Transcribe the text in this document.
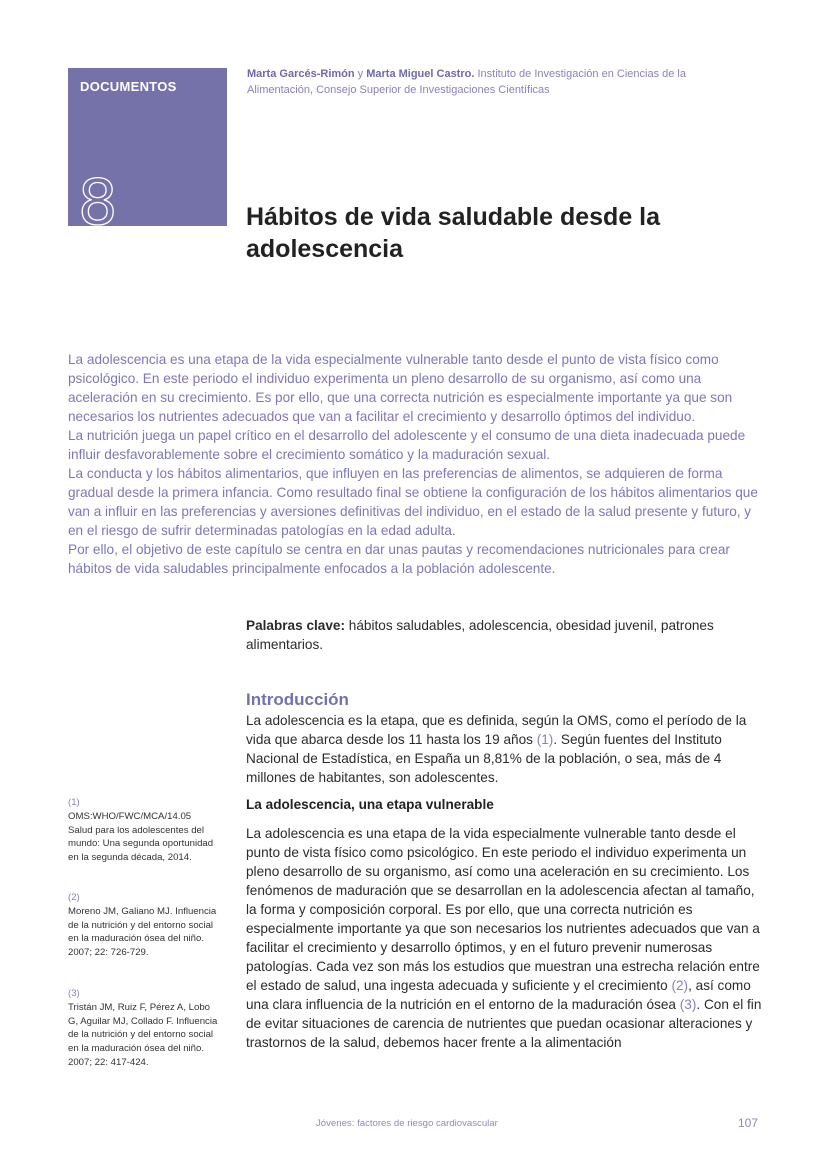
DOCUMENTOS
8
Marta Garcés-Rimón y Marta Miguel Castro. Instituto de Investigación en Ciencias de la Alimentación, Consejo Superior de Investigaciones Científicas
Hábitos de vida saludable desde la adolescencia

La adolescencia es una etapa de la vida especialmente vulnerable tanto desde el punto de vista físico como psicológico. En este periodo el individuo experimenta un pleno desarrollo de su organismo, así como una aceleración en su crecimiento. Es por ello, que una correcta nutrición es especialmente importante ya que son necesarios los nutrientes adecuados que van a facilitar el crecimiento y desarrollo óptimos del individuo.

La nutrición juega un papel crítico en el desarrollo del adolescente y el consumo de una dieta inadecuada puede influir desfavorablemente sobre el crecimiento somático y la maduración sexual.

La conducta y los hábitos alimentarios, que influyen en las preferencias de alimentos, se adquieren de forma gradual desde la primera infancia. Como resultado final se obtiene la configuración de los hábitos alimentarios que van a influir en las preferencias y aversiones definitivas del individuo, en el estado de la salud presente y futuro, y en el riesgo de sufrir determinadas patologías en la edad adulta.

Por ello, el objetivo de este capítulo se centra en dar unas pautas y recomendaciones nutricionales para crear hábitos de vida saludables principalmente enfocados a la población adolescente.

Palabras clave: hábitos saludables, adolescencia, obesidad juvenil, patrones alimentarios.
Introducción

La adolescencia es la etapa, que es definida, según la OMS, como el período de la vida que abarca desde los 11 hasta los 19 años (1). Según fuentes del Instituto Nacional de Estadística, en España un 8,81% de la población, o sea, más de 4 millones de habitantes, son adolescentes.

La adolescencia, una etapa vulnerable

La adolescencia es una etapa de la vida especialmente vulnerable tanto desde el punto de vista físico como psicológico. En este periodo el individuo experimenta un pleno desarrollo de su organismo, así como una aceleración en su crecimiento. Los fenómenos de maduración que se desarrollan en la adolescencia afectan al tamaño, la forma y composición corporal. Es por ello, que una correcta nutrición es especialmente importante ya que son necesarios los nutrientes adecuados que van a facilitar el crecimiento y desarrollo óptimos, y en el futuro prevenir numerosas patologías. Cada vez son más los estudios que muestran una estrecha relación entre el estado de salud, una ingesta adecuada y suficiente y el crecimiento (2), así como una clara influencia de la nutrición en el entorno de la maduración ósea (3). Con el fin de evitar situaciones de carencia de nutrientes que puedan ocasionar alteraciones y trastornos de la salud, debemos hacer frente a la alimentación

(1)
OMS:WHO/FWC/MCA/14.05 Salud para los adolescentes del mundo: Una segunda oportunidad en la segunda década, 2014.
(2)
Moreno JM, Galiano MJ. Influencia de la nutrición y del entorno social en la maduración ósea del niño. 2007; 22: 726-729.
(3)
Tristán JM, Ruiz F, Pérez A, Lobo G, Aguilar MJ, Collado F. Influencia de la nutrición y del entorno social en la maduración ósea del niño. 2007; 22: 417-424.
Jóvenes: factores de riesgo cardiovascular	107
